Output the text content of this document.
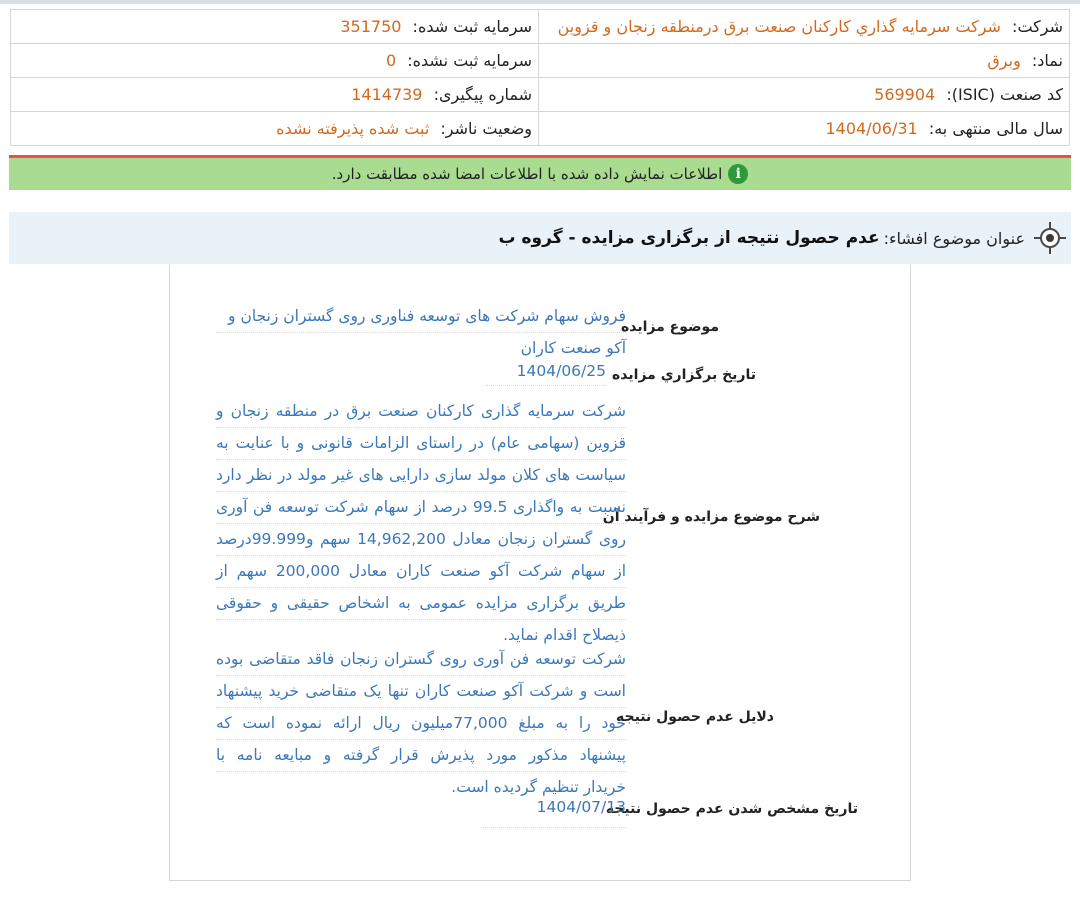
شرکت: شرکت سرمایه گذاري کارکنان صنعت برق درمنطقه زنجان و قزوین	سرمایه ثبت شده: 351750
نماد: وبرق	سرمایه ثبت نشده: 0
کد صنعت (ISIC): 569904	شماره پیگیری: 1414739
سال مالی منتهی به: 1404/06/31	وضعیت ناشر: ثبت شده پذیرفته نشده
i
اطلاعات نمایش داده شده با اطلاعات امضا شده مطابقت دارد.
عنوان موضوع افشاء:
عدم حصول نتیجه از برگزاری مزایده - گروه ب
موضوع مزایده
فروش سهام شرکت های توسعه فناوری روی گستران زنجان و
آکو صنعت کاران
تاریخ برگزاري مزایده
1404/06/25
شرح موضوع مزایده و فرآیند آن
شرکت سرمایه گذاری کارکنان صنعت برق در منطقه زنجان و
قزوین (سهامی عام) در راستای الزامات قانونی و با عنایت به
سیاست های کلان مولد سازی دارایی های غیر مولد در نظر دارد
نسبت به واگذاری 99.5 درصد از سهام شرکت توسعه فن آوری
روی گستران زنجان معادل 14,962,200 سهم و99.999درصد
از سهام شرکت آکو صنعت کاران معادل 200,000 سهم از
طریق برگزاری مزایده عمومی به اشخاص حقیقی و حقوقی
ذیصلاح اقدام نماید.
دلایل عدم حصول نتیجه
شرکت توسعه فن آوری روی گستران زنجان فاقد متقاضی بوده
است و شرکت آکو صنعت کاران تنها یک متقاضی خرید پیشنهاد
خود را به مبلغ 77,000میلیون ریال ارائه نموده است که
پیشنهاد مذکور مورد پذیرش قرار گرفته و مبایعه نامه با
خریدار تنظیم گردیده است.
تاریخ مشخص شدن عدم حصول نتیجه
1404/07/13
